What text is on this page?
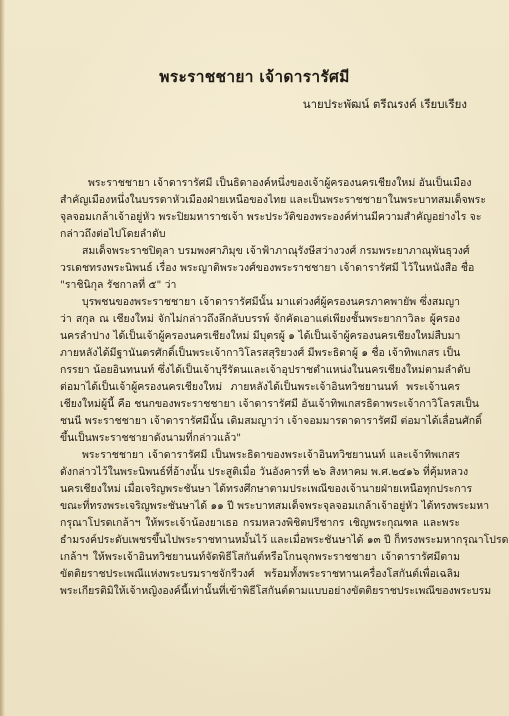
พระราชชายา เจ้าดารารัศมี
นายประพัฒน์ ตรีณรงค์ เรียบเรียง
พระราชชายา เจ้าดารารัศมี เป็นธิดาองค์หนึ่งของเจ้าผู้ครองนครเชียงใหม่ อันเป็นเมือง
สำคัญเมืองหนึ่งในบรรดาหัวเมืองฝ่ายเหนือของไทย และเป็นพระราชชายาในพระบาทสมเด็จพระ
จุลจอมเกล้าเจ้าอยู่หัว พระปิยมหาราชเจ้า พระประวัติของพระองค์ท่านมีความสำคัญอย่างไร จะ
กล่าวถึงต่อไปโดยลำดับ
สมเด็จพระราชปิตุลา บรมพงศาภิมุข เจ้าฟ้าภาณุรังษีสว่างวงศ์ กรมพระยาภาณุพันธุวงศ์
วรเดชทรงพระนิพนธ์ เรื่อง พระญาติพระวงศ์ของพระราชชายา เจ้าดารารัศมี ไว้ในหนังสือ ชื่อ
"ราชินิกุล รัชกาลที่ ๕" ว่า
บุรพชนของพระราชชายา เจ้าดารารัศมีนั้น มาแต่วงศ์ผู้ครองนครภาคพายัพ ซึ่งสมญา
ว่า สกุล ณ เชียงใหม่ จักไม่กล่าวถึงลึกลับบรรพ์ จักคัดเอาแต่เพียงชั้นพระยากาวิละ ผู้ครอง
นครลำปาง ได้เป็นเจ้าผู้ครองนครเชียงใหม่ มีบุตรผู้ ๑ ได้เป็นเจ้าผู้ครองนครเชียงใหม่สืบมา
ภายหลังได้มีฐานันดรศักดิ์เป็นพระเจ้ากาวิโลรสสุริยวงศ์ มีพระธิดาผู้ ๑ ชื่อ เจ้าทิพเกสร เป็น
กรรยา น้อยอินทนนท์ ซึ่งได้เป็นเจ้าบุรีรัตนและเจ้าอุปราชตำแหน่งในนครเชียงใหม่ตามลำดับ
ต่อมาได้เป็นเจ้าผู้ครองนครเชียงใหม่ ภายหลังได้เป็นพระเจ้าอินทวิชยานนท์ พระเจ้านคร
เชียงใหม่ผู้นี้ คือ ชนกของพระราชชายา เจ้าดารารัศมี อันเจ้าทิพเกสรธิดาพระเจ้ากาวิโลรสเป็น
ชนนี พระราชชายา เจ้าดารารัศมีนั้น เดิมสมญาว่า เจ้าจอมมารดาดารารัศมี ต่อมาได้เลื่อนศักดิ์
ขึ้นเป็นพระราชชายาดังนามที่กล่าวแล้ว"
พระราชชายา เจ้าดารารัศมี เป็นพระธิดาของพระเจ้าอินทวิชยานนท์ และเจ้าทิพเกสร
ดังกล่าวไว้ในพระนิพนธ์ที่อ้างนั้น ประสูติเมื่อ วันอังคารที่ ๒๖ สิงหาคม พ.ศ.๒๔๑๖ ที่คุ้มหลวง
นครเชียงใหม่ เมื่อเจริญพระชันษา ได้ทรงศึกษาตามประเพณีของเจ้านายฝ่ายเหนือทุกประการ
ขณะที่ทรงพระเจริญพระชันษาได้ ๑๑ ปี พระบาทสมเด็จพระจุลจอมเกล้าเจ้าอยู่หัว ได้ทรงพระมหา
กรุณาโปรดเกล้าฯ ให้พระเจ้าน้องยาเธอ กรมหลวงพิชิตปรีชากร เชิญพระกุณฑล และพระ
ธำมรงค์ประดับเพชรขึ้นไปพระราชทานหมั้นไว้ และเมื่อพระชันษาได้ ๑๓ ปี ก็ทรงพระมหากรุณาโปรด
เกล้าฯ ให้พระเจ้าอินทวิชยานนท์จัดพิธีโสกันต์หรือโกนจุกพระราชชายา เจ้าดารารัศมีตาม
ขัตติยราชประเพณีแห่งพระบรมราชจักรีวงศ์ พร้อมทั้งพระราชทานเครื่องโสกันต์เพื่อเฉลิม
พระเกียรติมิให้เจ้าหญิงองค์นี้เท่านั้นที่เข้าพิธีโสกันต์ตามแบบอย่างขัตติยราชประเพณีของพระบรม
